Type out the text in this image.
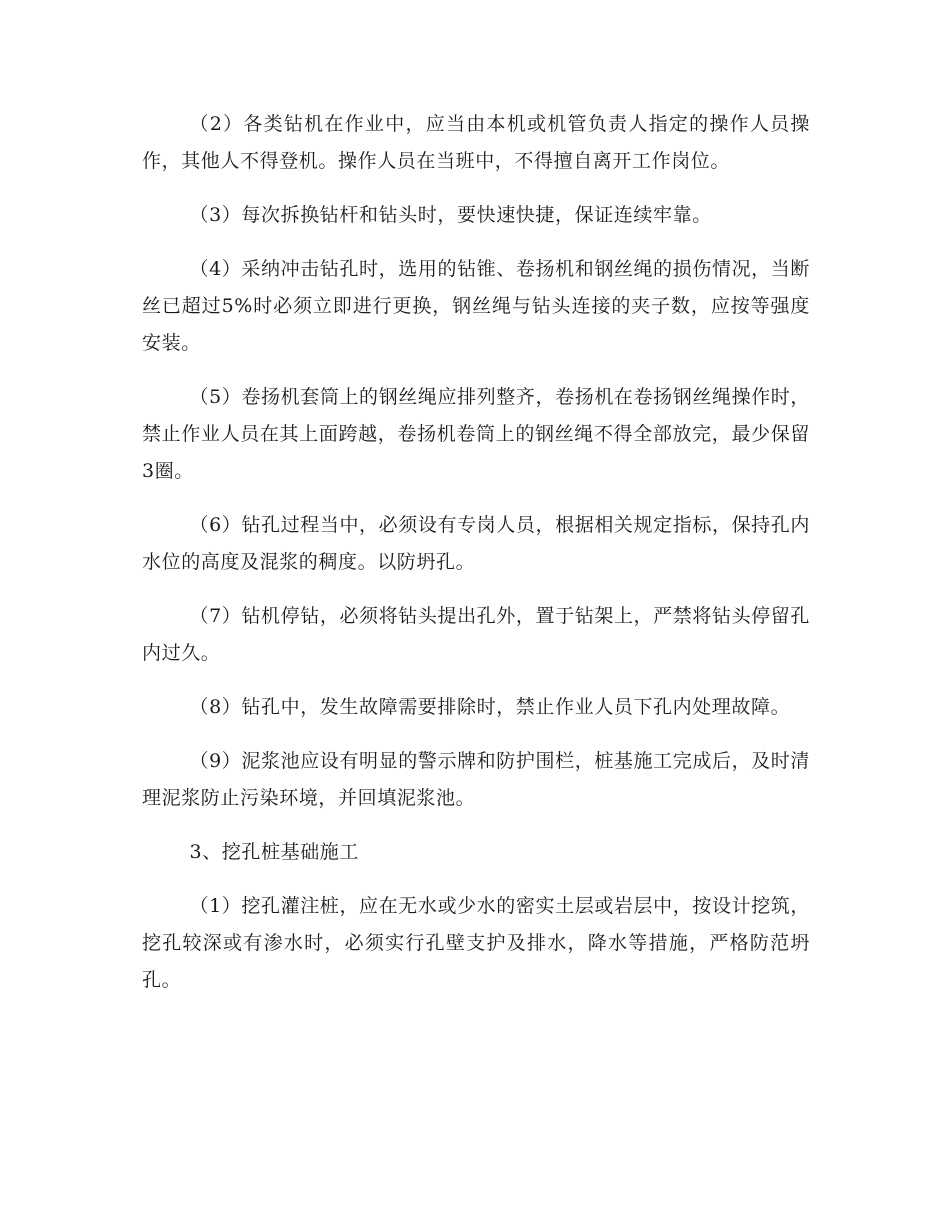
（2）各类钻机在作业中，应当由本机或机管负责人指定的操作人员操作，其他人不得登机。操作人员在当班中，不得擅自离开工作岗位。

（3）每次拆换钻杆和钻头时，要快速快捷，保证连续牢靠。

（4）采纳冲击钻孔时，选用的钻锥、卷扬机和钢丝绳的损伤情况，当断丝已超过5%时必须立即进行更换，钢丝绳与钻头连接的夹子数，应按等强度安装。

（5）卷扬机套筒上的钢丝绳应排列整齐，卷扬机在卷扬钢丝绳操作时，禁止作业人员在其上面跨越，卷扬机卷筒上的钢丝绳不得全部放完，最少保留3圈。

（6）钻孔过程当中，必须设有专岗人员，根据相关规定指标，保持孔内水位的高度及混浆的稠度。以防坍孔。

（7）钻机停钻，必须将钻头提出孔外，置于钻架上，严禁将钻头停留孔内过久。

（8）钻孔中，发生故障需要排除时，禁止作业人员下孔内处理故障。

（9）泥浆池应设有明显的警示牌和防护围栏，桩基施工完成后，及时清理泥浆防止污染环境，并回填泥浆池。

3、挖孔桩基础施工

（1）挖孔灌注桩，应在无水或少水的密实土层或岩层中，按设计挖筑，挖孔较深或有渗水时，必须实行孔壁支护及排水，降水等措施，严格防范坍孔。
